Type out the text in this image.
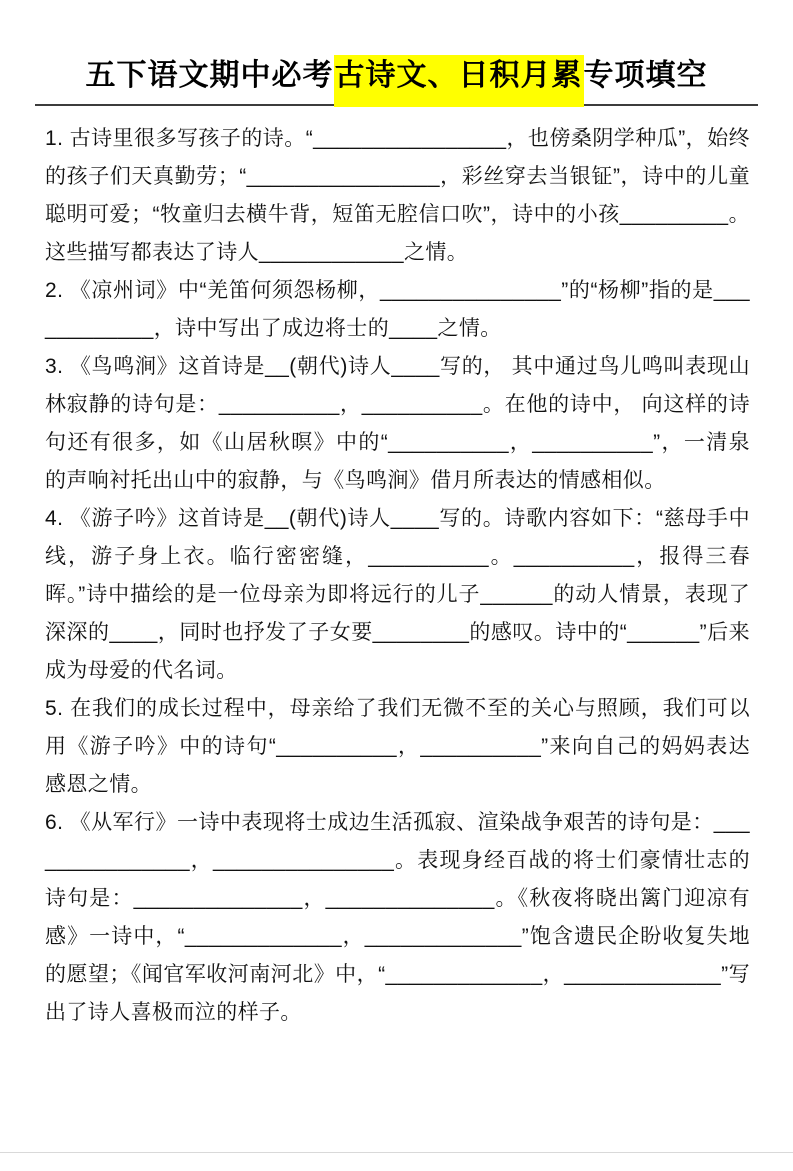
五下语文期中必考古诗文、日积月累专项填空

1. 古诗里很多写孩子的诗。“________________，也傍桑阴学种瓜”，始终的孩子们天真勤劳；“________________，彩丝穿去当银钲”，诗中的儿童聪明可爱；“牧童归去横牛背，短笛无腔信口吹”，诗中的小孩_________。这些描写都表达了诗人____________之情。

2. 《凉州词》中“羌笛何须怨杨柳，_______________”的“杨柳”指的是____________，诗中写出了成边将士的____之情。

3. 《鸟鸣涧》这首诗是__(朝代)诗人____写的， 其中通过鸟儿鸣叫表现山林寂静的诗句是：__________，__________。在他的诗中， 向这样的诗句还有很多，如《山居秋暝》中的“__________，__________”，一清泉的声响衬托出山中的寂静，与《鸟鸣涧》借月所表达的情感相似。

4. 《游子吟》这首诗是__(朝代)诗人____写的。诗歌内容如下：“慈母手中线，游子身上衣。临行密密缝，__________。__________，报得三春晖。”诗中描绘的是一位母亲为即将远行的儿子______的动人情景，表现了深深的____，同时也抒发了子女要________的感叹。诗中的“______”后来成为母爱的代名词。

5. 在我们的成长过程中，母亲给了我们无微不至的关心与照顾，我们可以用《游子吟》中的诗句“__________，__________”来向自己的妈妈表达感恩之情。

6. 《从军行》一诗中表现将士成边生活孤寂、渲染战争艰苦的诗句是：_______________，_______________。表现身经百战的将士们豪情壮志的诗句是：______________，______________。《秋夜将晓出篱门迎凉有感》一诗中，“_____________，_____________”饱含遗民企盼收复失地的愿望；《闻官军收河南河北》中，“_____________，_____________”写出了诗人喜极而泣的样子。
